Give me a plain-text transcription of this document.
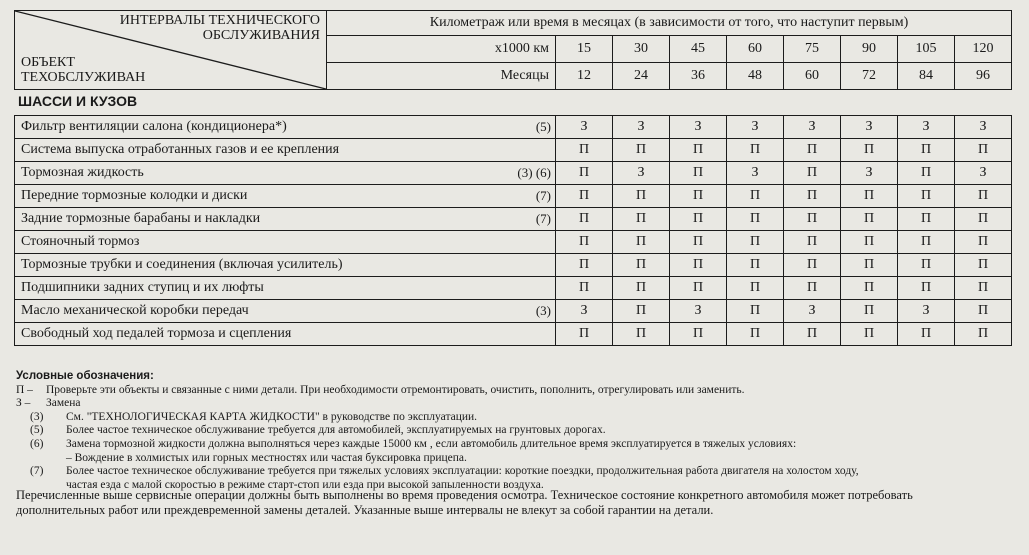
ИНТЕРВАЛЫ ТЕХНИЧЕСКОГО
ОБСЛУЖИВАНИЯ
ОБЪЕКТ
ТЕХОБСЛУЖИВАН	Километраж или время в месяцах (в зависимости от того, что наступит первым)								
	x1000 км	15	30	45	60	75	90	105	120
	Месяцы	12	24	36	48	60	72	84	96
ШАССИ И КУЗОВ
Фильтр вентиляции салона (кондиционера*)	(5)	З	З	З	З	З	З	З	З
Система выпуска отработанных газов и ее крепления		П	П	П	П	П	П	П	П
Тормозная жидкость	(3) (6)	П	З	П	З	П	З	П	З
Передние тормозные колодки и диски	(7)	П	П	П	П	П	П	П	П
Задние тормозные барабаны и накладки	(7)	П	П	П	П	П	П	П	П
Стояночный тормоз		П	П	П	П	П	П	П	П
Тормозные трубки и соединения (включая усилитель)		П	П	П	П	П	П	П	П
Подшипники задних ступиц и их люфты		П	П	П	П	П	П	П	П
Масло механической коробки передач	(3)	З	П	З	П	З	П	З	П
Свободный ход педалей тормоза и сцепления		П	П	П	П	П	П	П	П
Условные обозначения:
П –	Проверьте эти объекты и связанные с ними детали. При необходимости отремонтировать, очистить, пополнить, отрегулировать или заменить.
З –	Замена
(3)	См. "ТЕХНОЛОГИЧЕСКАЯ КАРТА ЖИДКОСТИ" в руководстве по эксплуатации.
(5)	Более частое техническое обслуживание требуется для автомобилей, эксплуатируемых на грунтовых дорогах.
(6)	Замена тормозной жидкости должна выполняться через каждые 15000 км , если автомобиль длительное время эксплуатируется в тяжелых условиях:
– Вождение в холмистых или горных местностях или частая буксировка прицепа.
(7)	Более частое техническое обслуживание требуется при тяжелых условиях эксплуатации: короткие поездки, продолжительная работа двигателя на холостом ходу,
частая езда с малой скоростью в режиме старт-стоп или езда при высокой запыленности воздуха.
Перечисленные выше сервисные операции должны быть выполнены во время проведения осмотра. Техническое состояние конкретного автомобиля может потребовать
дополнительных работ или преждевременной замены деталей. Указанные выше интервалы не влекут за собой гарантии на детали.
